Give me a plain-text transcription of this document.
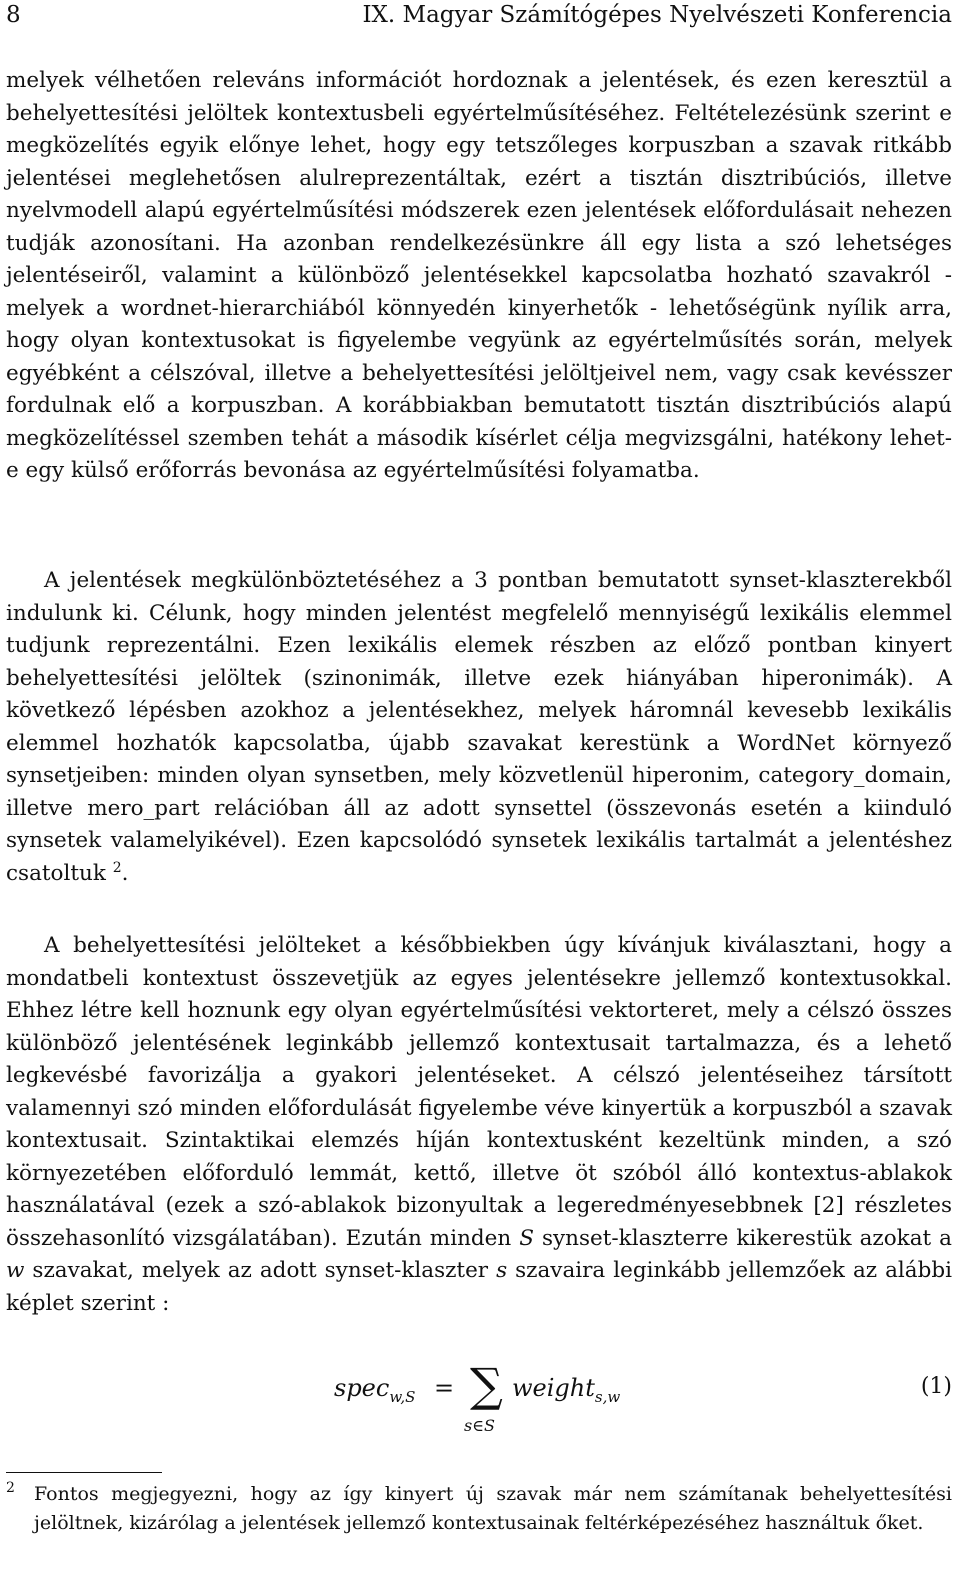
8	IX. Magyar Számítógépes Nyelvészeti Konferencia

melyek vélhetően releváns információt hordoznak a jelentések, és ezen keresztül a behelyettesítési jelöltek kontextusbeli egyértelműsítéséhez. Feltételezésünk szerint e megközelítés egyik előnye lehet, hogy egy tetszőleges korpuszban a szavak ritkább jelentései meglehetősen alulreprezentáltak, ezért a tisztán disztribúciós, illetve nyelvmodell alapú egyértelműsítési módszerek ezen jelentések előfordulásait nehezen tudják azonosítani. Ha azonban rendelkezésünkre áll egy lista a szó lehetséges jelentéseiről, valamint a különböző jelentésekkel kapcsolatba hozható szavakról - melyek a wordnet-hierarchiából könnyedén kinyerhetők - lehetőségünk nyílik arra, hogy olyan kontextusokat is figyelembe vegyünk az egyértelműsítés során, melyek egyébként a célszóval, illetve a behelyettesítési jelöltjeivel nem, vagy csak kevésszer fordulnak elő a korpuszban. A korábbiakban bemutatott tisztán disztribúciós alapú megközelítéssel szemben tehát a második kísérlet célja megvizsgálni, hatékony lehet-e egy külső erőforrás bevonása az egyértelműsítési folyamatba.

A jelentések megkülönböztetéséhez a 3 pontban bemutatott synset-klaszterekből indulunk ki. Célunk, hogy minden jelentést megfelelő mennyiségű lexikális elemmel tudjunk reprezentálni. Ezen lexikális elemek részben az előző pontban kinyert behelyettesítési jelöltek (szinonimák, illetve ezek hiányában hiperonimák). A következő lépésben azokhoz a jelentésekhez, melyek háromnál kevesebb lexikális elemmel hozhatók kapcsolatba, újabb szavakat kerestünk a WordNet környező synsetjeiben: minden olyan synsetben, mely közvetlenül hiperonim, category_domain, illetve mero_part relációban áll az adott synsettel (összevonás esetén a kiinduló synsetek valamelyikével). Ezen kapcsolódó synsetek lexikális tartalmát a jelentéshez csatoltuk $^2$.

A behelyettesítési jelölteket a későbbiekben úgy kívánjuk kiválasztani, hogy a mondatbeli kontextust összevetjük az egyes jelentésekre jellemző kontextusokkal. Ehhez létre kell hoznunk egy olyan egyértelműsítési vektorteret, mely a célszó összes különböző jelentésének leginkább jellemző kontextusait tartalmazza, és a lehető legkevésbé favorizálja a gyakori jelentéseket. A célszó jelentéseihez társított valamennyi szó minden előfordulását figyelembe véve kinyertük a korpuszból a szavak kontextusait. Szintaktikai elemzés híján kontextusként kezeltünk minden, a szó környezetében előforduló lemmát, kettő, illetve öt szóból álló kontextus-ablakok használatával (ezek a szó-ablakok bizonyultak a legeredményesebbnek [2] részletes összehasonlító vizsgálatában). Ezután minden S synset-klaszterre kikerestük azokat a w szavakat, melyek az adott synset-klaszter s szavaira leginkább jellemzőek az alábbi képlet szerint :

spec$_{w,S}$ = ∑
s∈S
weight$_{s,w}$	(1)

2	Fontos megjegyezni, hogy az így kinyert új szavak már nem számítanak behelyettesítési jelöltnek, kizárólag a jelentések jellemző kontextusainak feltérképezéséhez használtuk őket.
